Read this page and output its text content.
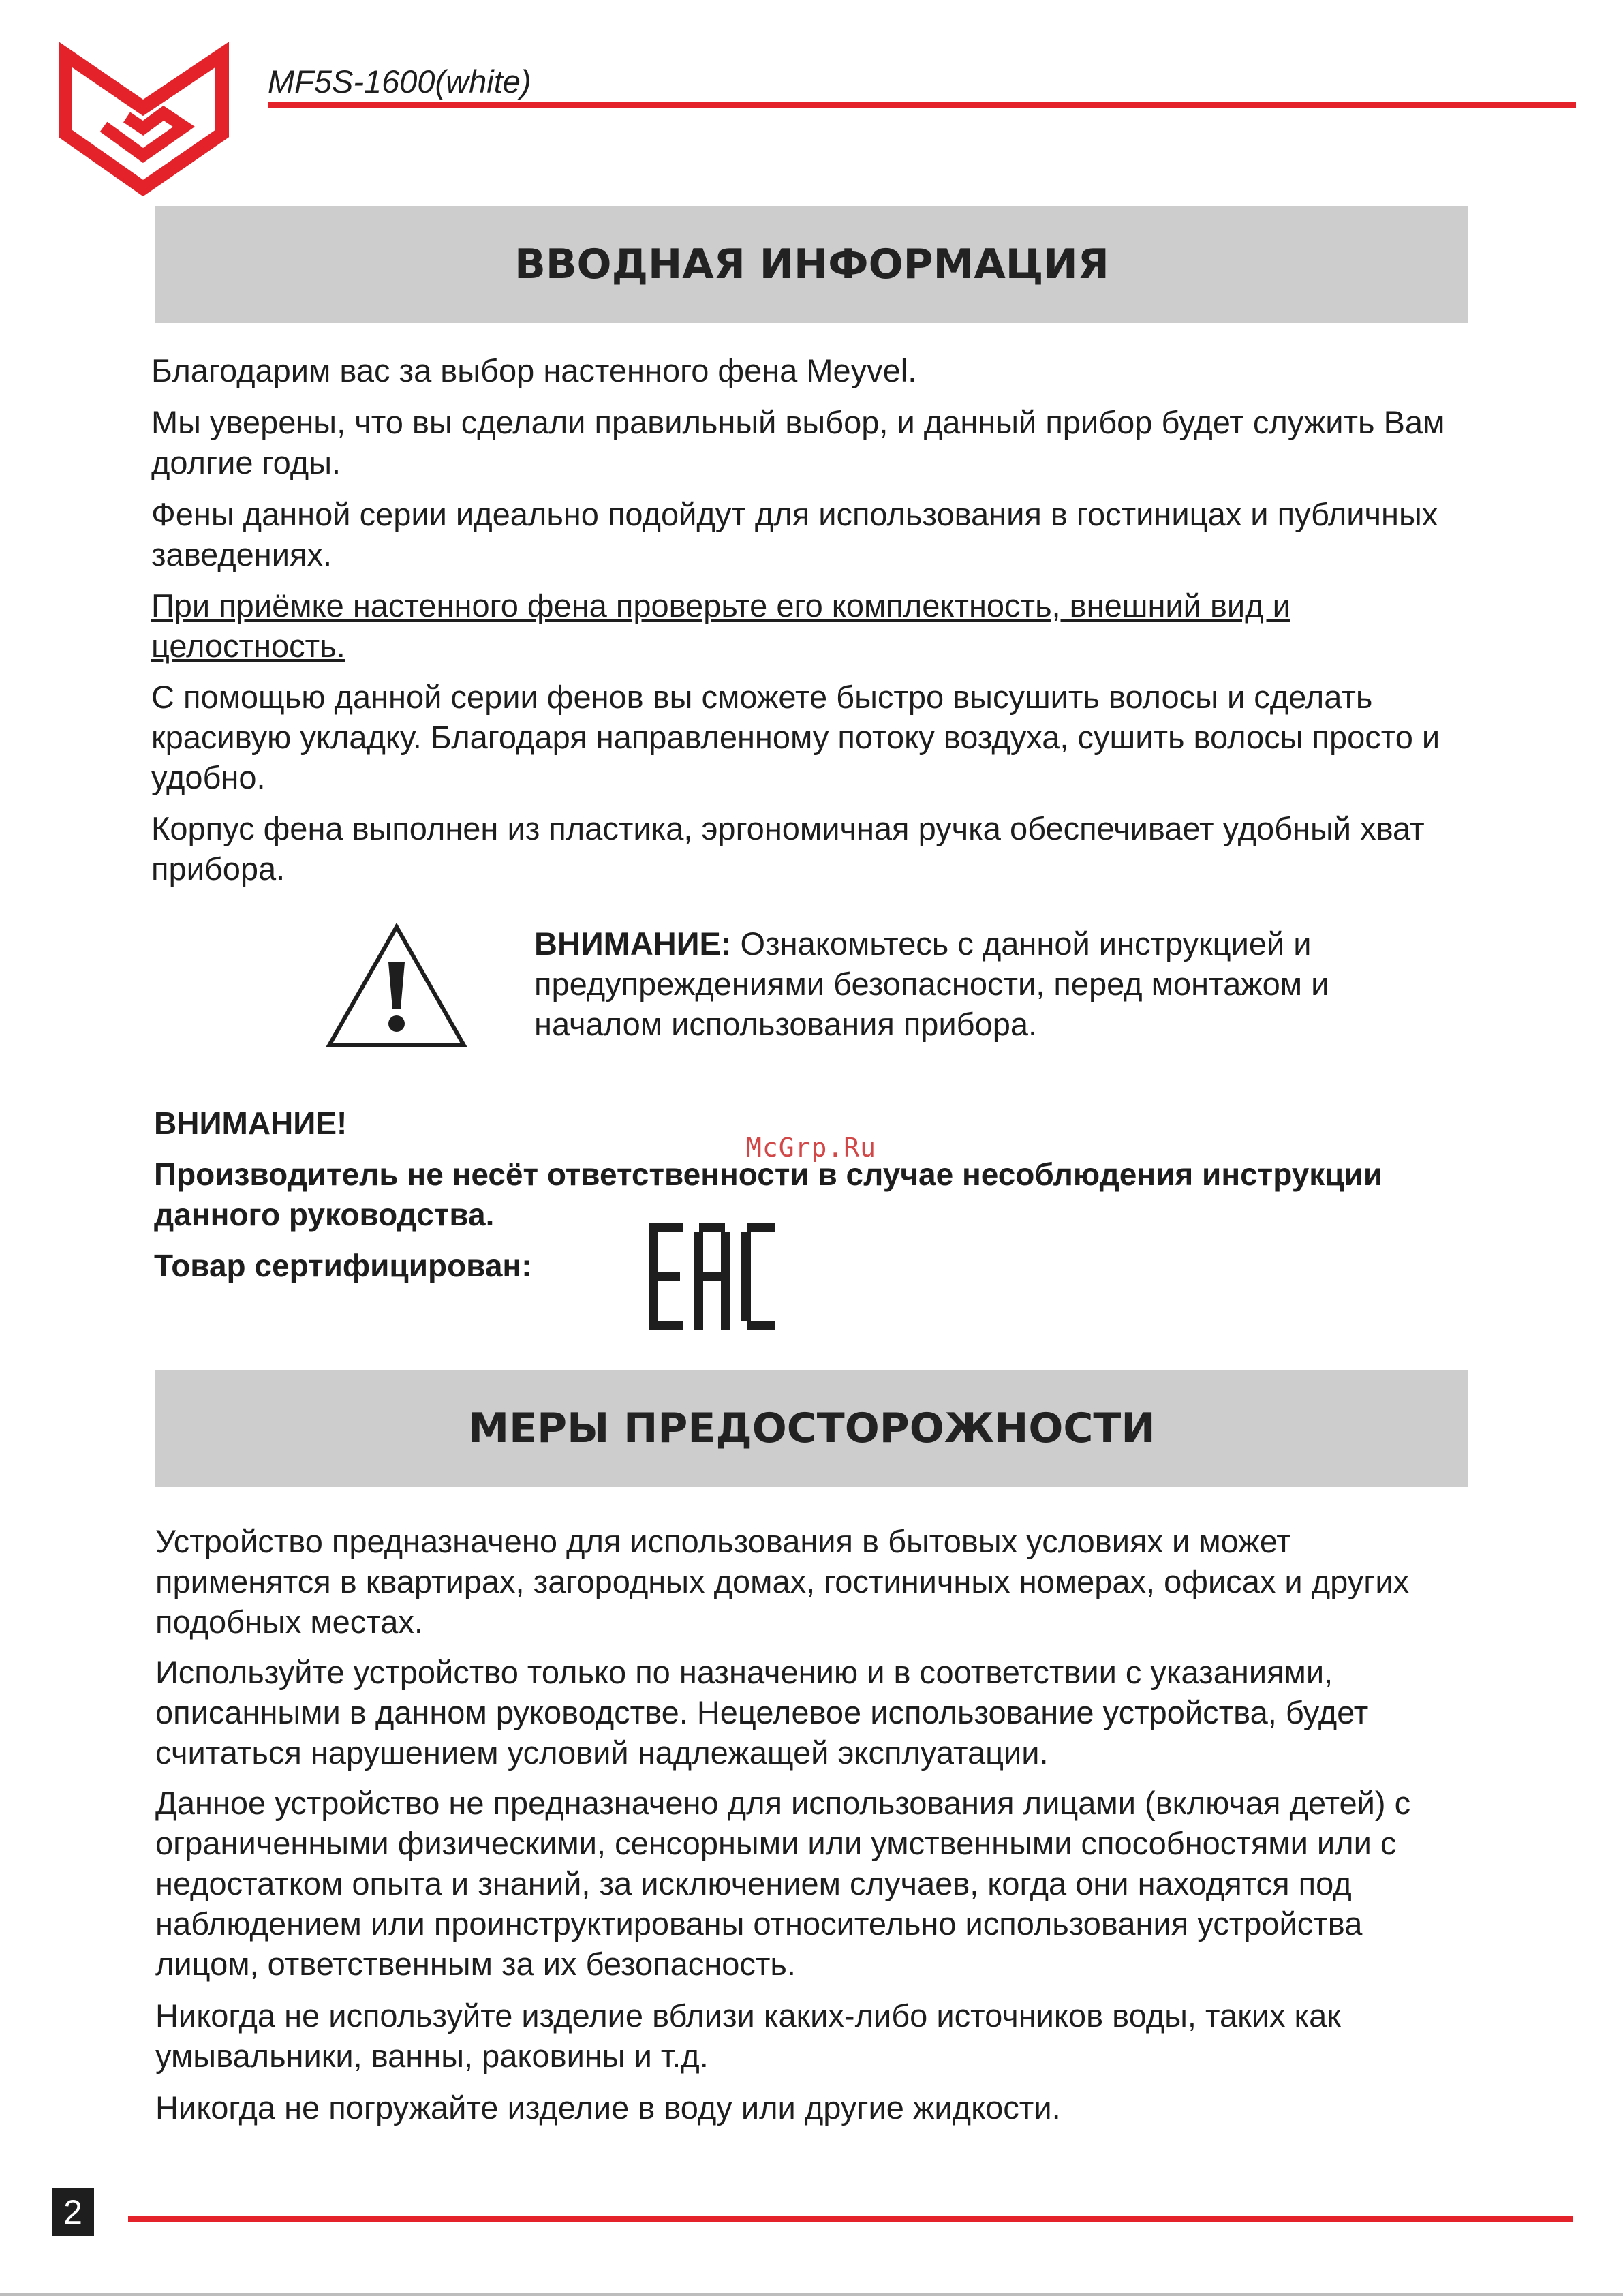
MF5S-1600(white)
ВВОДНАЯ ИНФОРМАЦИЯ

Благодарим вас за выбор настенного фена Meyvel.

Мы уверены, что вы сделали правильный выбор, и данный прибор будет служить Вам долгие годы.

Фены данной серии идеально подойдут для использования в гостиницах и публичных заведениях.

При приёмке настенного фена проверьте его комплектность, внешний вид и целостность.

С помощью данной серии фенов вы сможете быстро высушить волосы и сделать красивую укладку. Благодаря направленному потоку воздуха, сушить волосы просто и удобно.

Корпус фена выполнен из пластика, эргономичная ручка обеспечивает удобный хват прибора.

ВНИМАНИЕ: Ознакомьтесь с данной инструкцией и предупреждениями безопасности, перед монтажом и началом использования прибора.

ВНИМАНИЕ!

McGrp.Ru

Производитель не несёт ответственности в случае несоблюдения инструкции данного руководства.

Товар сертифицирован:

МЕРЫ ПРЕДОСТОРОЖНОСТИ

Устройство предназначено для использования в бытовых условиях и может применятся в квартирах, загородных домах, гостиничных номерах, офисах и других подобных местах.

Используйте устройство только по назначению и в соответствии с указаниями, описанными в данном руководстве. Нецелевое использование устройства, будет считаться нарушением условий надлежащей эксплуатации.

Данное устройство не предназначено для использования лицами (включая детей) с ограниченными физическими, сенсорными или умственными способностями или с недостатком опыта и знаний, за исключением случаев, когда они находятся под наблюдением или проинструктированы относительно использования устройства лицом, ответственным за их безопасность.

Никогда не используйте изделие вблизи каких-либо источников воды, таких как умывальники, ванны, раковины и т.д.

Никогда не погружайте изделие в воду или другие жидкости.

2
